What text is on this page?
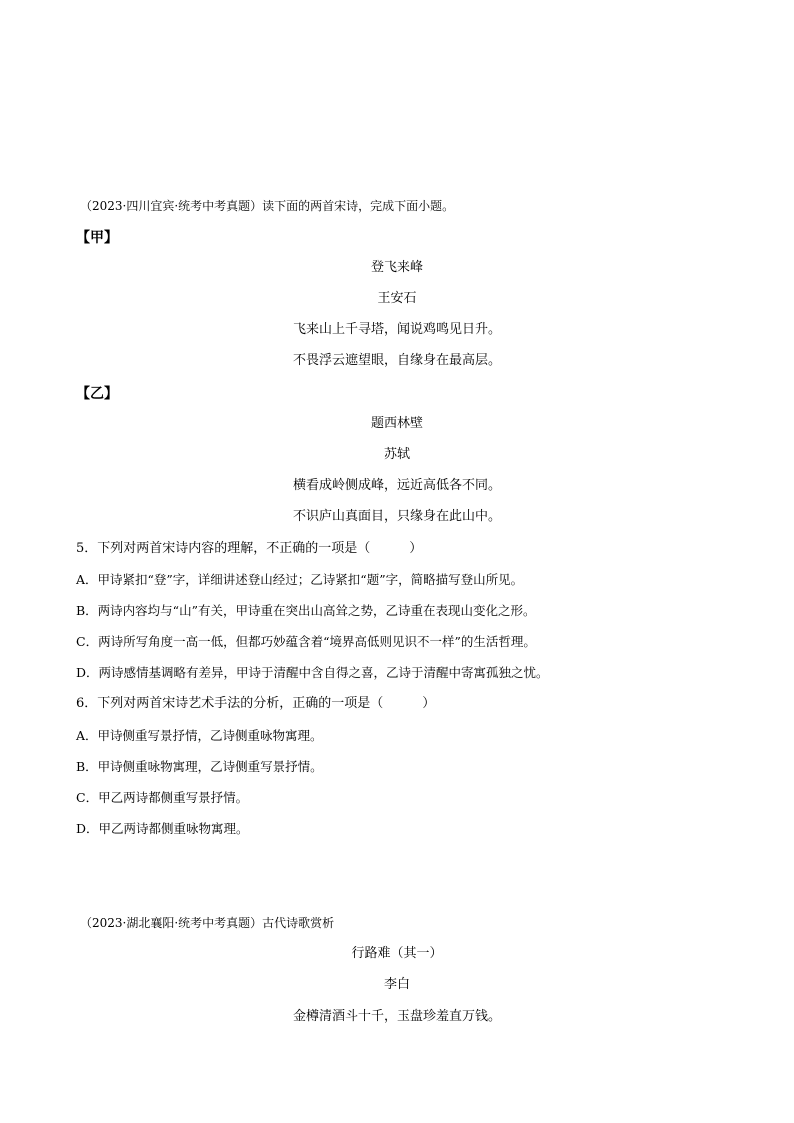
（2023·四川宜宾·统考中考真题）读下面的两首宋诗，完成下面小题。
【甲】
登飞来峰
王安石
飞来山上千寻塔，闻说鸡鸣见日升。
不畏浮云遮望眼，自缘身在最高层。
【乙】
题西林壁
苏轼
横看成岭侧成峰，远近高低各不同。
不识庐山真面目，只缘身在此山中。
5．下列对两首宋诗内容的理解，不正确的一项是（　　　）
A．甲诗紧扣“登”字，详细讲述登山经过；乙诗紧扣“题”字，简略描写登山所见。
B．两诗内容均与“山”有关，甲诗重在突出山高耸之势，乙诗重在表现山变化之形。
C．两诗所写角度一高一低，但都巧妙蕴含着“境界高低则见识不一样”的生活哲理。
D．两诗感情基调略有差异，甲诗于清醒中含自得之喜，乙诗于清醒中寄寓孤独之忧。
6．下列对两首宋诗艺术手法的分析，正确的一项是（　　　）
A．甲诗侧重写景抒情，乙诗侧重咏物寓理。
B．甲诗侧重咏物寓理，乙诗侧重写景抒情。
C．甲乙两诗都侧重写景抒情。
D．甲乙两诗都侧重咏物寓理。
（2023·湖北襄阳·统考中考真题）古代诗歌赏析
行路难（其一）
李白
金樽清酒斗十千，玉盘珍羞直万钱。
